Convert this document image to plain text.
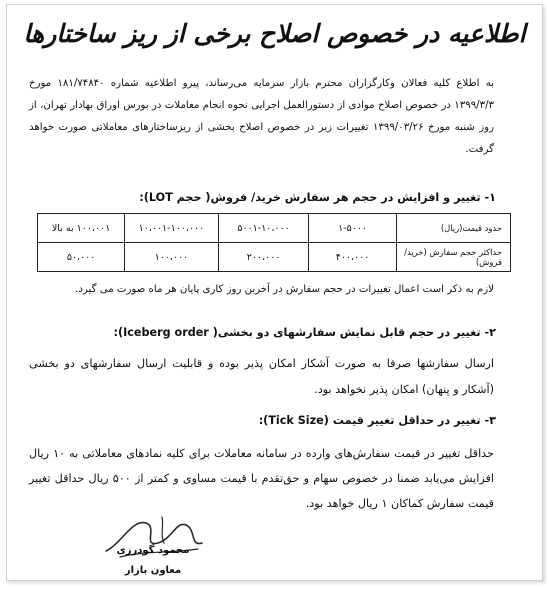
اطلاعیه در خصوص اصلاح برخی از ریز ساختارها
به اطلاع کلیه فعالان وکارگزاران محترم بازار سرمایه می‌رساند، پیرو اطلاعیه شماره ۱۸۱/۷۴۸۴۰ مورخ ۱۳۹۹/۳/۳ در خصوص اصلاح موادی از دستورالعمل اجرایی نحوه انجام معاملات در بورس اوراق بهادار تهران، از روز شنبه مورخ ۱۳۹۹/۰۳/۲۶ تغییرات زیر در خصوص اصلاح بخشی از ریزساختارهای معاملاتی صورت خواهد گرفت.
۱- تغییر و افزایش در حجم هر سفارش خرید/ فروش( حجم LOT):
حدود قیمت(ریال)	۱-۵۰۰۰	۵۰۰۱-۱۰،۰۰۰	۱۰،۰۰۱-۱۰۰،۰۰۰	۱۰۰،۰۰۱ به بالا
حداکثر حجم سفارش (خرید/ فروش)	۴۰۰،۰۰۰	۲۰۰،۰۰۰	۱۰۰،۰۰۰	۵۰،۰۰۰
لازم به ذکر است اعمال تغییرات در حجم سفارش در آخرین روز کاری پایان هر ماه صورت می گیرد.
۲- تغییر در حجم قابل نمایش سفارشهای دو بخشی( Iceberg order):
ارسال سفارشها صرفا به صورت آشکار امکان پذیر بوده و قابلیت ارسال سفارشهای دو بخشی (آشکار و پنهان) امکان پذیر نخواهد بود.
۳- تغییر در حداقل تغییر قیمت (Tick Size):
حداقل تغییر در قیمت سفارش‌های وارده در سامانه معاملات برای کلیه نمادهای معاملاتی به ۱۰ ریال افزایش می‌یابد ضمنا در خصوص سهام و حق‌تقدم با قیمت مساوی و کمتر از ۵۰۰ ریال حداقل تغییر قیمت سفارش کماکان ۱ ریال خواهد بود.
محمود گودرزی
معاون بازار
